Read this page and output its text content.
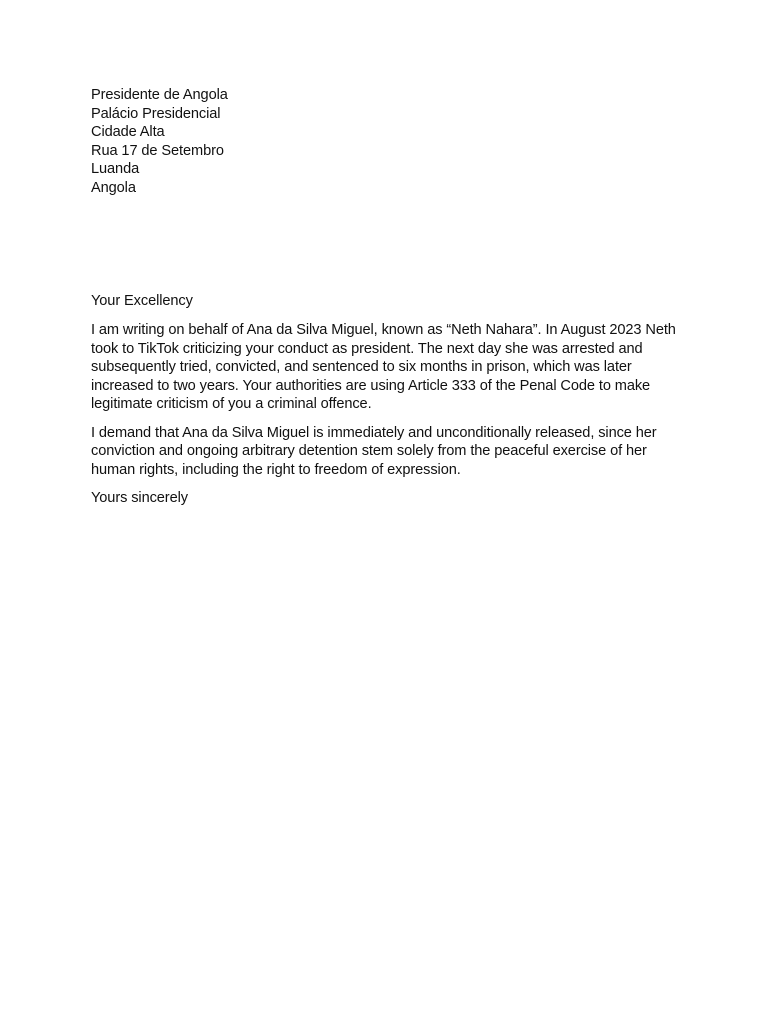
Presidente de Angola
Palácio Presidencial
Cidade Alta
Rua 17 de Setembro
Luanda
Angola

Your Excellency

I am writing on behalf of Ana da Silva Miguel, known as “Neth Nahara”. In August 2023 Neth took to TikTok criticizing your conduct as president. The next day she was arrested and subsequently tried, convicted, and sentenced to six months in prison, which was later increased to two years. Your authorities are using Article 333 of the Penal Code to make legitimate criticism of you a criminal offence.

I demand that Ana da Silva Miguel is immediately and unconditionally released, since her conviction and ongoing arbitrary detention stem solely from the peaceful exercise of her human rights, including the right to freedom of expression.

Yours sincerely
